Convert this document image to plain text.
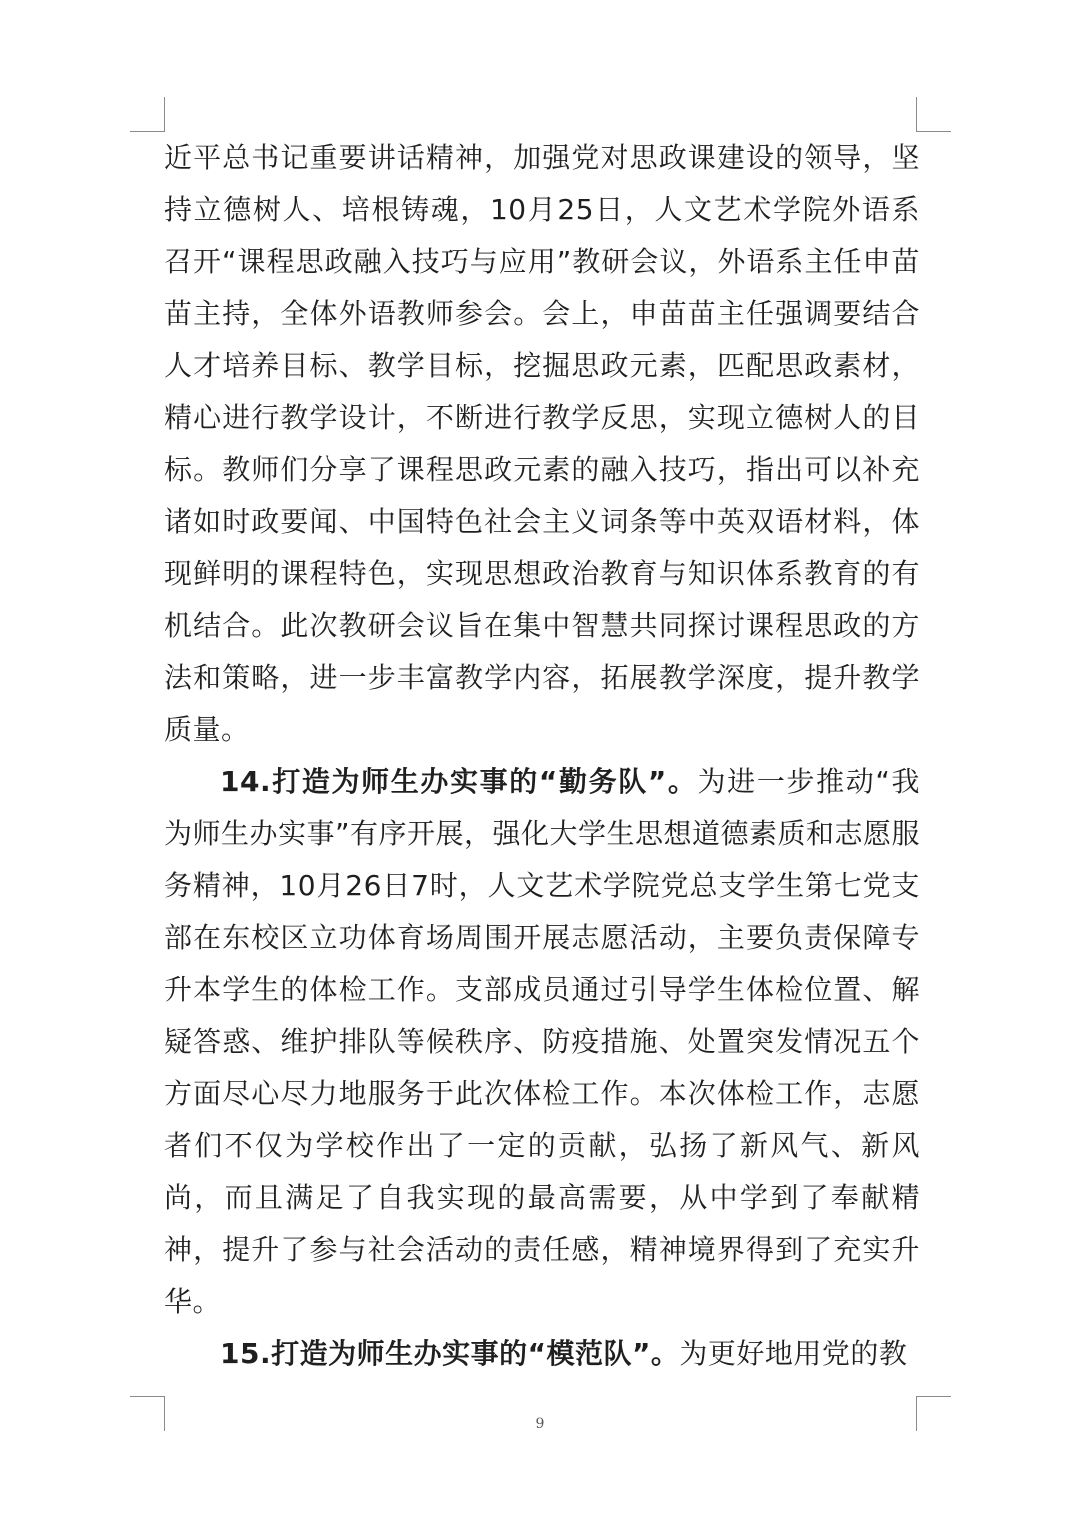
近平总书记重要讲话精神，加强党对思政课建设的领导，坚持立德树人、培根铸魂，10月25日，人文艺术学院外语系召开“课程思政融入技巧与应用”教研会议，外语系主任申苗苗主持，全体外语教师参会。会上，申苗苗主任强调要结合人才培养目标、教学目标，挖掘思政元素，匹配思政素材，精心进行教学设计，不断进行教学反思，实现立德树人的目标。教师们分享了课程思政元素的融入技巧，指出可以补充诸如时政要闻、中国特色社会主义词条等中英双语材料，体现鲜明的课程特色，实现思想政治教育与知识体系教育的有机结合。此次教研会议旨在集中智慧共同探讨课程思政的方法和策略，进一步丰富教学内容，拓展教学深度，提升教学质量。

14.打造为师生办实事的“勤务队”。为进一步推动“我为师生办实事”有序开展，强化大学生思想道德素质和志愿服务精神，10月26日7时，人文艺术学院党总支学生第七党支部在东校区立功体育场周围开展志愿活动，主要负责保障专升本学生的体检工作。支部成员通过引导学生体检位置、解疑答惑、维护排队等候秩序、防疫措施、处置突发情况五个方面尽心尽力地服务于此次体检工作。本次体检工作，志愿者们不仅为学校作出了一定的贡献，弘扬了新风气、新风尚，而且满足了自我实现的最高需要，从中学到了奉献精神，提升了参与社会活动的责任感，精神境界得到了充实升华。

15.打造为师生办实事的“模范队”。为更好地用党的教

9
